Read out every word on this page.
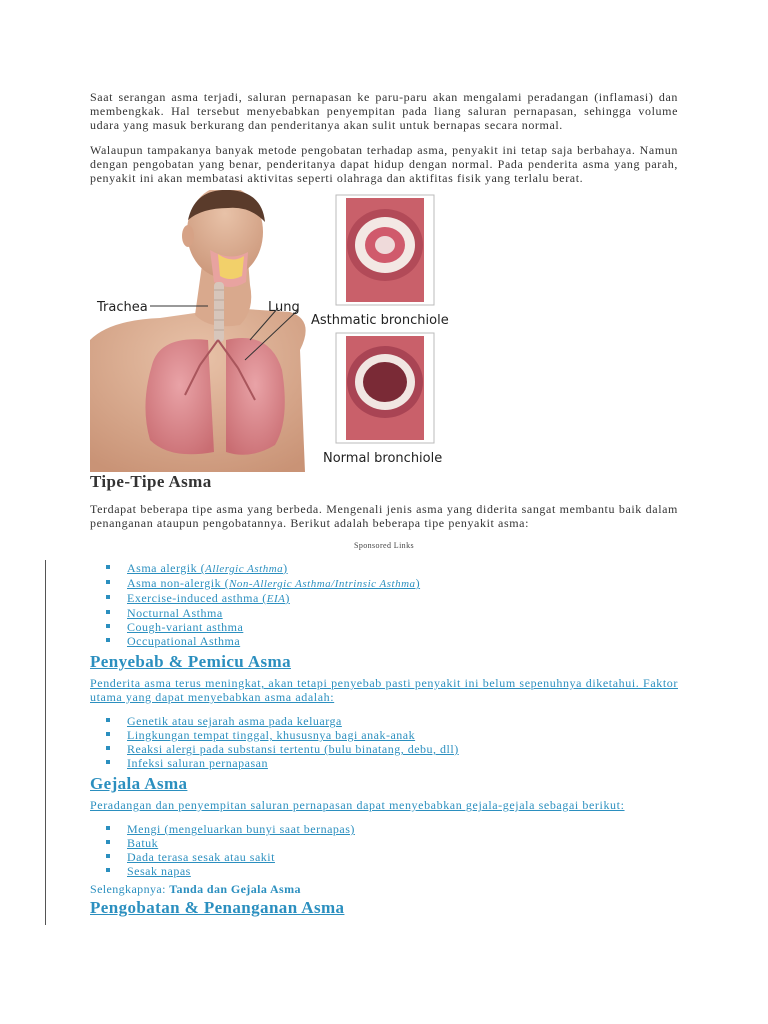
Saat serangan asma terjadi, saluran pernapasan ke paru-paru akan mengalami peradangan (inflamasi) dan membengkak. Hal tersebut menyebabkan penyempitan pada liang saluran pernapasan, sehingga volume udara yang masuk berkurang dan penderitanya akan sulit untuk bernapas secara normal.

Walaupun tampakanya banyak metode pengobatan terhadap asma, penyakit ini tetap saja berbahaya. Namun dengan pengobatan yang benar, penderitanya dapat hidup dengan normal. Pada penderita asma yang parah, penyakit ini akan membatasi aktivitas seperti olahraga dan aktifitas fisik yang terlalu berat.

Trachea	Lung
Asthmatic bronchiole
Normal bronchiole
Tipe-Tipe Asma

Terdapat beberapa tipe asma yang berbeda. Mengenali jenis asma yang diderita sangat membantu baik dalam penanganan ataupun pengobatannya. Berikut adalah beberapa tipe penyakit asma:

Sponsored Links
Asma alergik (Allergic Asthma)
Asma non-alergik (Non-Allergic Asthma/Intrinsic Asthma)
Exercise-induced asthma (EIA)
Nocturnal Asthma
Cough-variant asthma
Occupational Asthma
Penyebab & Pemicu Asma

Penderita asma terus meningkat, akan tetapi penyebab pasti penyakit ini belum sepenuhnya diketahui. Faktor utama yang dapat menyebabkan asma adalah:

Genetik atau sejarah asma pada keluarga
Lingkungan tempat tinggal, khususnya bagi anak-anak
Reaksi alergi pada substansi tertentu (bulu binatang, debu, dll)
Infeksi saluran pernapasan
Gejala Asma

Peradangan dan penyempitan saluran pernapasan dapat menyebabkan gejala-gejala sebagai berikut:

Mengi (mengeluarkan bunyi saat bernapas)
Batuk
Dada terasa sesak atau sakit
Sesak napas
Selengkapnya: Tanda dan Gejala Asma
Pengobatan & Penanganan Asma
